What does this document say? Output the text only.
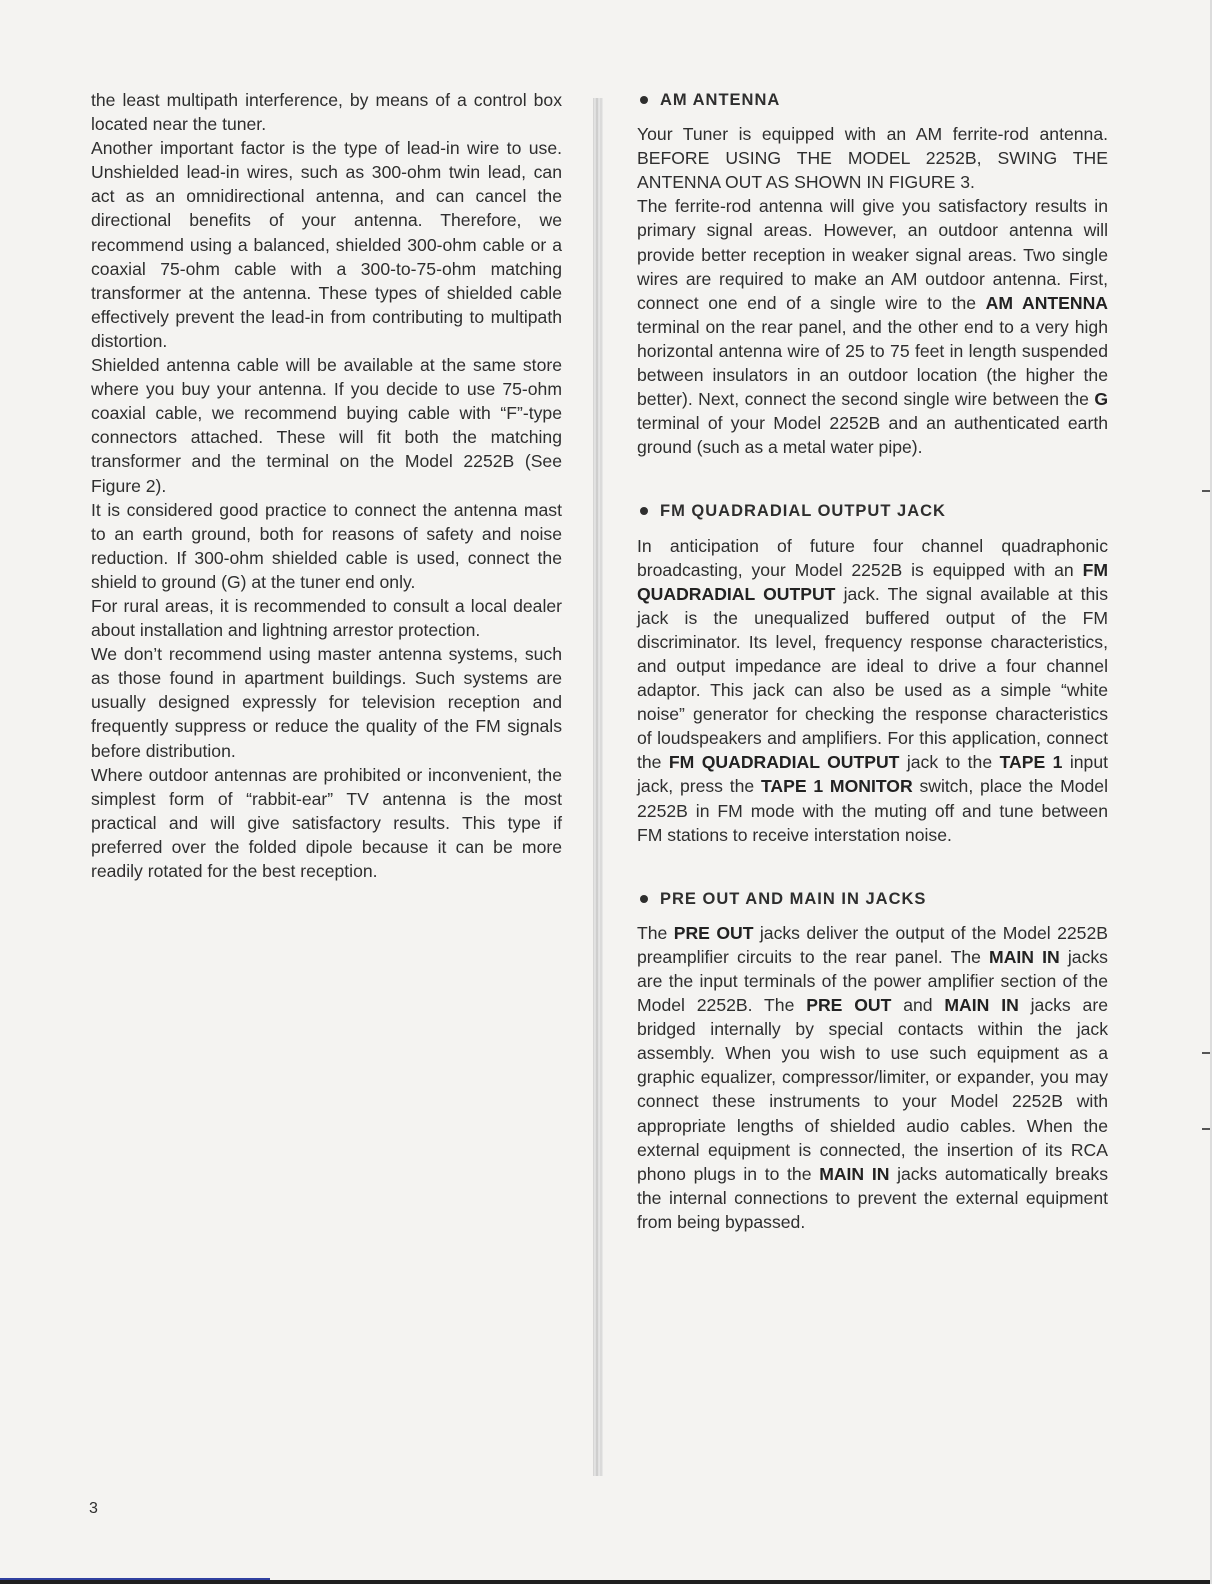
the least multipath interference, by means of a control box located near the tuner.

Another important factor is the type of lead-in wire to use. Unshielded lead-in wires, such as 300-ohm twin lead, can act as an omnidirectional antenna, and can cancel the directional benefits of your antenna. Therefore, we recommend using a balanced, shielded 300-ohm cable or a coaxial 75-ohm cable with a 300-to-75-ohm matching transformer at the antenna. These types of shielded cable effectively prevent the lead-in from contributing to multipath distortion.

Shielded antenna cable will be available at the same store where you buy your antenna. If you decide to use 75-ohm coaxial cable, we recommend buying cable with “F”-type connectors attached. These will fit both the matching transformer and the terminal on the Model 2252B (See Figure 2).

It is considered good practice to connect the antenna mast to an earth ground, both for reasons of safety and noise reduction. If 300-ohm shielded cable is used, connect the shield to ground (G) at the tuner end only.

For rural areas, it is recommended to consult a local dealer about installation and lightning arrestor protection.

We don’t recommend using master antenna systems, such as those found in apartment buildings. Such systems are usually designed expressly for television reception and frequently suppress or reduce the quality of the FM signals before distribution.

Where outdoor antennas are prohibited or inconvenient, the simplest form of “rabbit-ear” TV antenna is the most practical and will give satisfactory results. This type if preferred over the folded dipole because it can be more readily rotated for the best reception.

AM ANTENNA

Your Tuner is equipped with an AM ferrite-rod antenna. BEFORE USING THE MODEL 2252B, SWING THE ANTENNA OUT AS SHOWN IN FIGURE 3.

The ferrite-rod antenna will give you satisfactory results in primary signal areas. However, an outdoor antenna will provide better reception in weaker signal areas. Two single wires are required to make an AM outdoor antenna. First, connect one end of a single wire to the AM ANTENNA terminal on the rear panel, and the other end to a very high horizontal antenna wire of 25 to 75 feet in length suspended between insulators in an outdoor location (the higher the better). Next, connect the second single wire between the G terminal of your Model 2252B and an authenticated earth ground (such as a metal water pipe).

FM QUADRADIAL OUTPUT JACK

In anticipation of future four channel quadraphonic broadcasting, your Model 2252B is equipped with an FM QUADRADIAL OUTPUT jack. The signal available at this jack is the unequalized buffered output of the FM discriminator. Its level, frequency response characteristics, and output impedance are ideal to drive a four channel adaptor. This jack can also be used as a simple “white noise” generator for checking the response characteristics of loudspeakers and amplifiers. For this application, connect the FM QUADRADIAL OUTPUT jack to the TAPE 1 input jack, press the TAPE 1 MONITOR switch, place the Model 2252B in FM mode with the muting off and tune between FM stations to receive interstation noise.

PRE OUT AND MAIN IN JACKS

The PRE OUT jacks deliver the output of the Model 2252B preamplifier circuits to the rear panel. The MAIN IN jacks are the input terminals of the power amplifier section of the Model 2252B. The PRE OUT and MAIN IN jacks are bridged internally by special contacts within the jack assembly. When you wish to use such equipment as a graphic equalizer, compressor/limiter, or expander, you may connect these instruments to your Model 2252B with appropriate lengths of shielded audio cables. When the external equipment is connected, the insertion of its RCA phono plugs in to the MAIN IN jacks automatically breaks the internal connections to prevent the external equipment from being bypassed.

3
